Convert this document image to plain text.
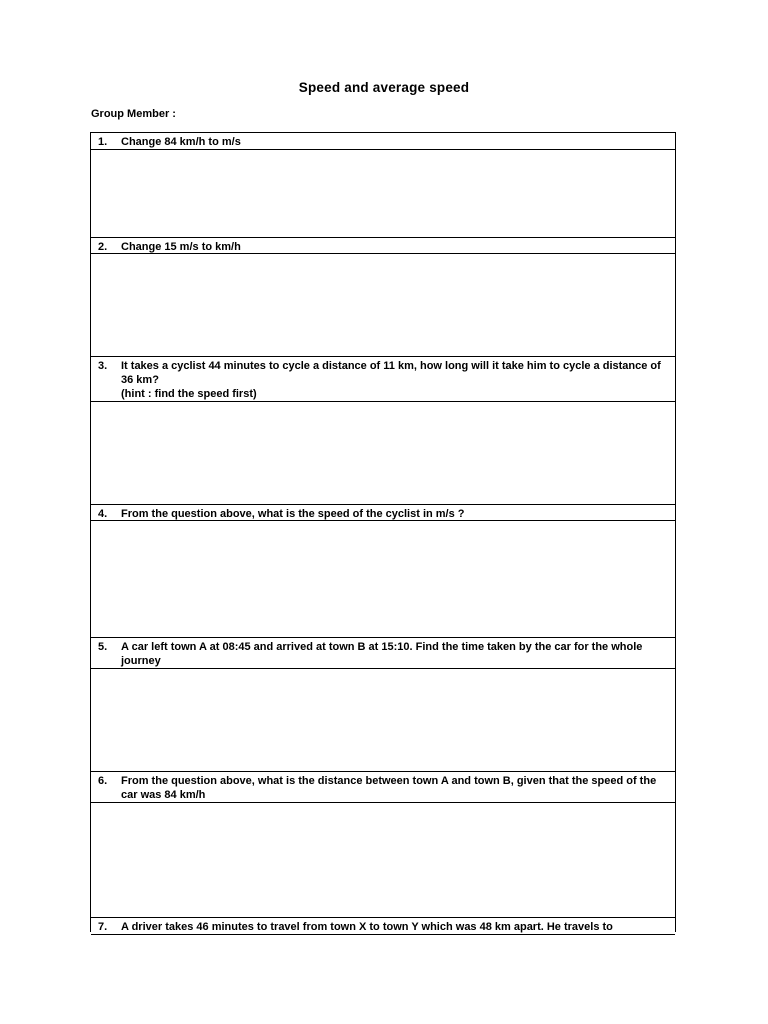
Speed and average speed
Group Member :
1. Change 84 km/h to m/s
2. Change 15 m/s to km/h
3. It takes a cyclist 44 minutes to cycle a distance of 11 km, how long will it take him to cycle a distance of 36 km?
(hint : find the speed first)
4. From the question above, what is the speed of the cyclist in m/s ?
5. A car left town A at 08:45 and arrived at town B at 15:10. Find the time taken by the car for the whole journey
6. From the question above, what is the distance between town A and town B, given that the speed of the car was 84 km/h
7. A driver takes 46 minutes to travel from town X to town Y which was 48 km apart. He travels to
